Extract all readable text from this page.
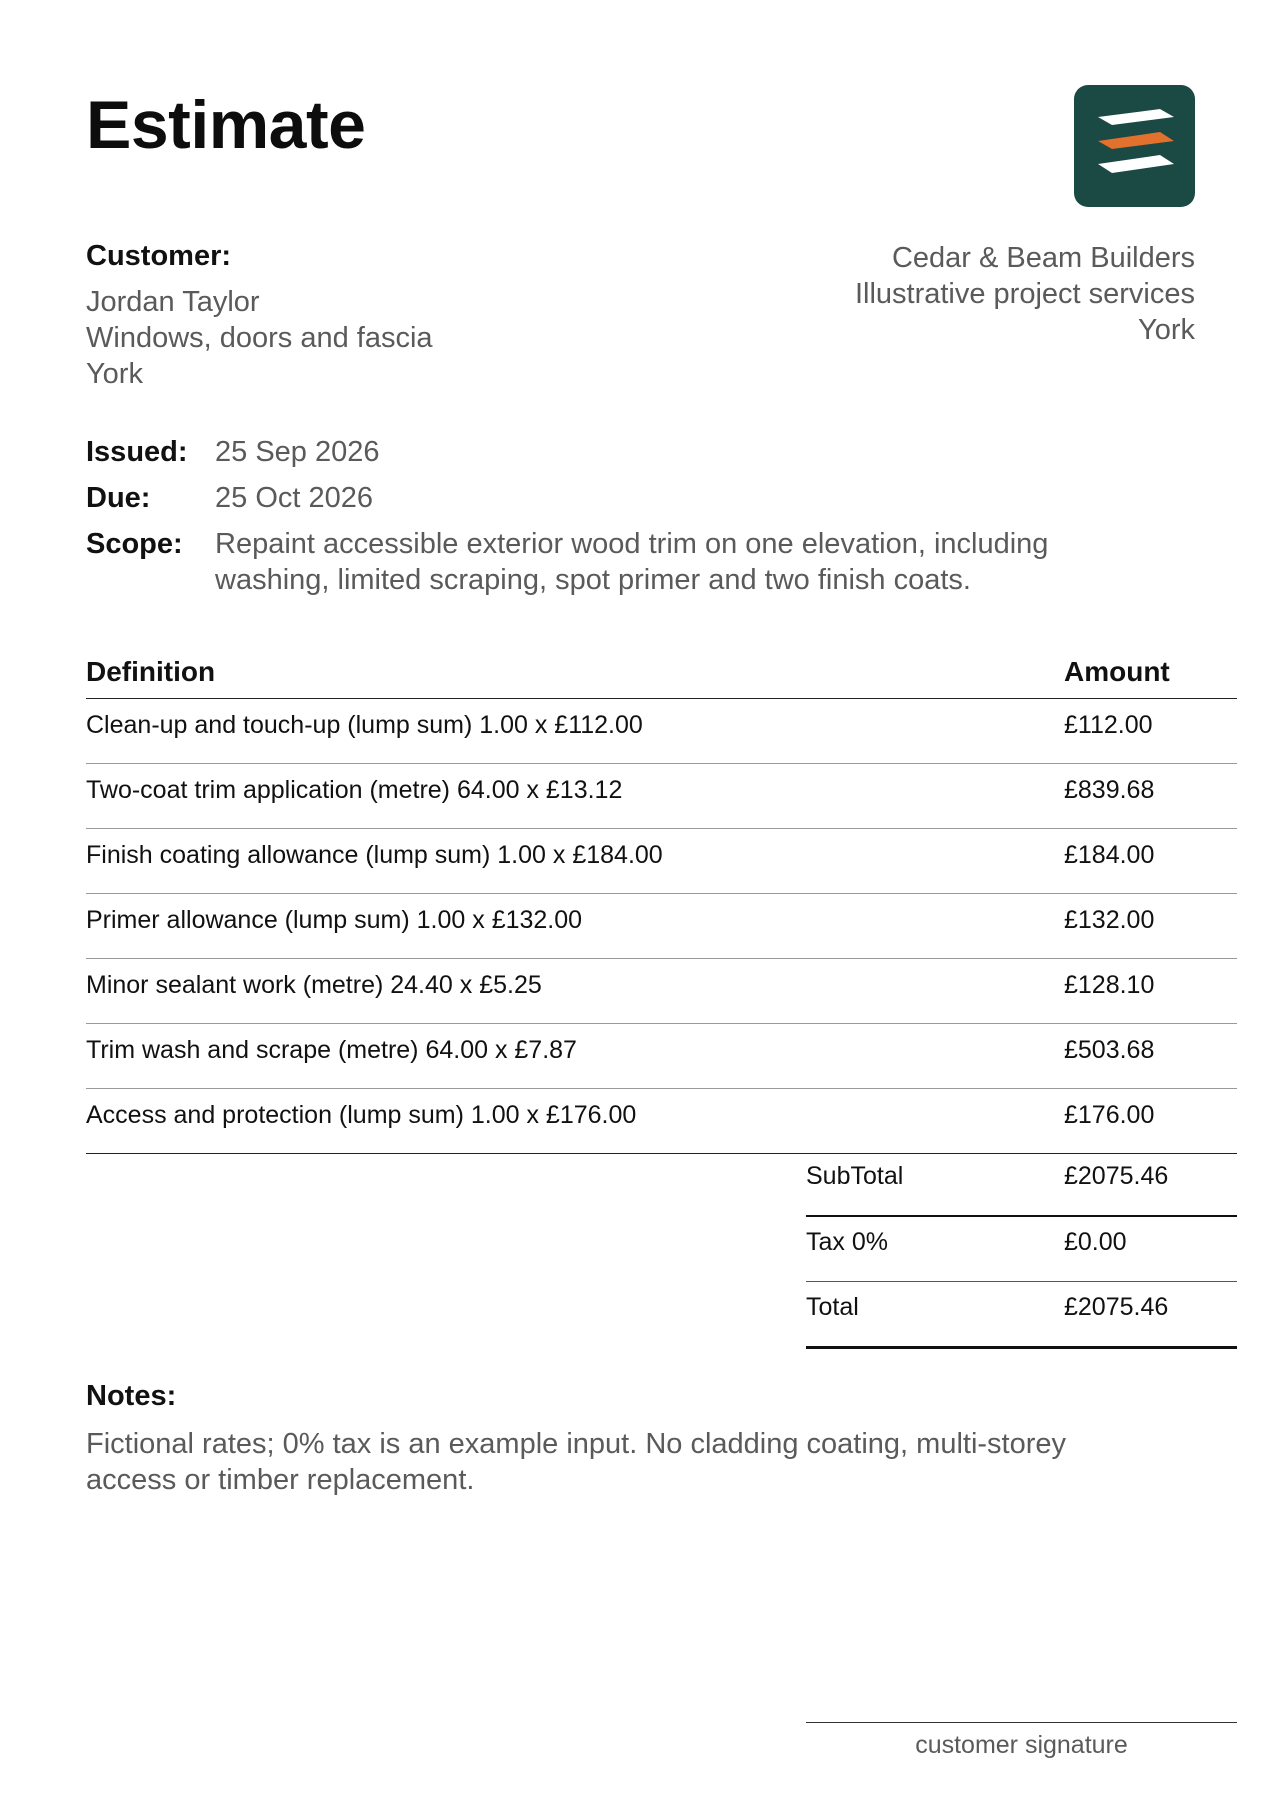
Estimate
Customer:
Jordan Taylor
Windows, doors and fascia
York
Cedar & Beam Builders
Illustrative project services
York
Issued: 25 Sep 2026
Due:	25 Oct 2026
Scope:	Repaint accessible exterior wood trim on one elevation, including
washing, limited scraping, spot primer and two finish coats.
Definition	Amount
Clean-up and touch-up (lump sum) 1.00 x £112.00	£112.00
Two-coat trim application (metre) 64.00 x £13.12	£839.68
Finish coating allowance (lump sum) 1.00 x £184.00	£184.00
Primer allowance (lump sum) 1.00 x £132.00	£132.00
Minor sealant work (metre) 24.40 x £5.25	£128.10
Trim wash and scrape (metre) 64.00 x £7.87	£503.68
Access and protection (lump sum) 1.00 x £176.00	£176.00
SubTotal	£2075.46
Tax 0%	£0.00
Total	£2075.46
Notes:
Fictional rates; 0% tax is an example input. No cladding coating, multi-storey
access or timber replacement.
customer signature
